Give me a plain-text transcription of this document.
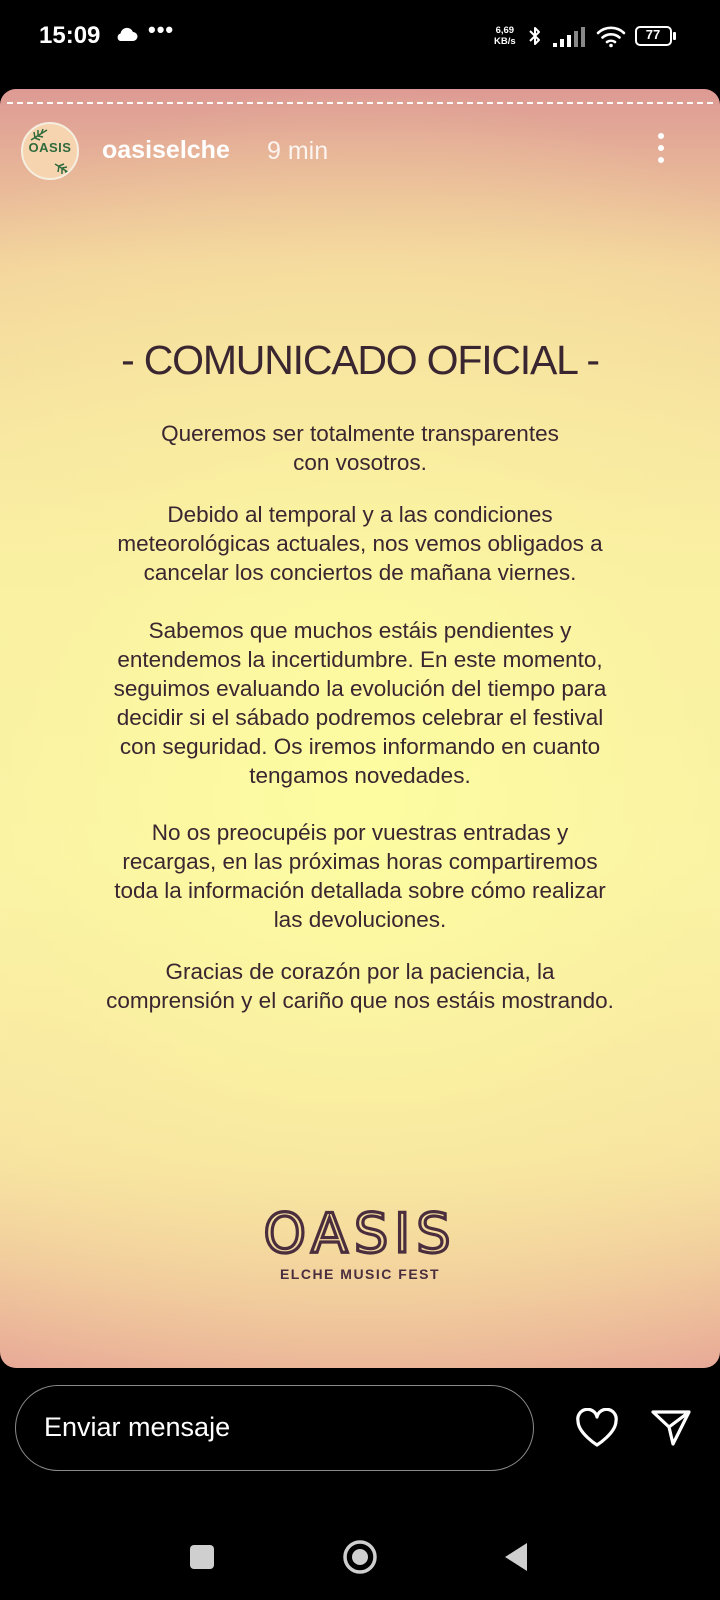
15:09 •••	6,69
KB/s	77
OASIS oasiselche 9 min
- COMUNICADO OFICIAL -
Queremos ser totalmente transparentes
con vosotros.
Debido al temporal y a las condiciones
meteorológicas actuales, nos vemos obligados a
cancelar los conciertos de mañana viernes.
Sabemos que muchos estáis pendientes y
entendemos la incertidumbre. En este momento,
seguimos evaluando la evolución del tiempo para
decidir si el sábado podremos celebrar el festival
con seguridad. Os iremos informando en cuanto
tengamos novedades.
No os preocupéis por vuestras entradas y
recargas, en las próximas horas compartiremos
toda la información detallada sobre cómo realizar
las devoluciones.
Gracias de corazón por la paciencia, la
comprensión y el cariño que nos estáis mostrando.
OASIS
ELCHE MUSIC FEST
Enviar mensaje
